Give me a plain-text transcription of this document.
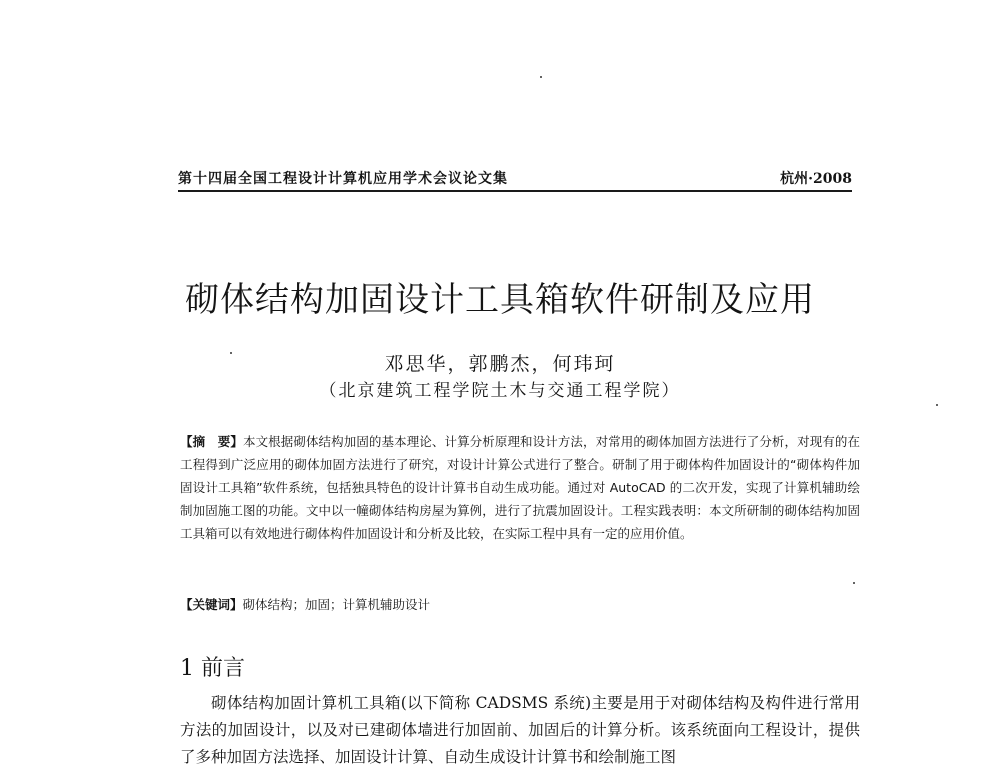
第十四届全国工程设计计算机应用学术会议论文集	杭州·2008
砌体结构加固设计工具箱软件研制及应用
邓思华，郭鹏杰，何玮珂
（北京建筑工程学院土木与交通工程学院）
【摘　要】本文根据砌体结构加固的基本理论、计算分析原理和设计方法，对常用的砌体加固方法进行了分析，对现有的在工程得到广泛应用的砌体加固方法进行了研究，对设计计算公式进行了整合。研制了用于砌体构件加固设计的“砌体构件加固设计工具箱”软件系统，包括独具特色的设计计算书自动生成功能。通过对 AutoCAD 的二次开发，实现了计算机辅助绘制加固施工图的功能。文中以一幢砌体结构房屋为算例，进行了抗震加固设计。工程实践表明：本文所研制的砌体结构加固工具箱可以有效地进行砌体构件加固设计和分析及比较，在实际工程中具有一定的应用价值。
【关键词】砌体结构；加固；计算机辅助设计
1 前言
砌体结构加固计算机工具箱(以下简称 CADSMS 系统)主要是用于对砌体结构及构件进行常用方法的加固设计，以及对已建砌体墙进行加固前、加固后的计算分析。该系统面向工程设计，提供了多种加固方法选择、加固设计计算、自动生成设计计算书和绘制施工图
